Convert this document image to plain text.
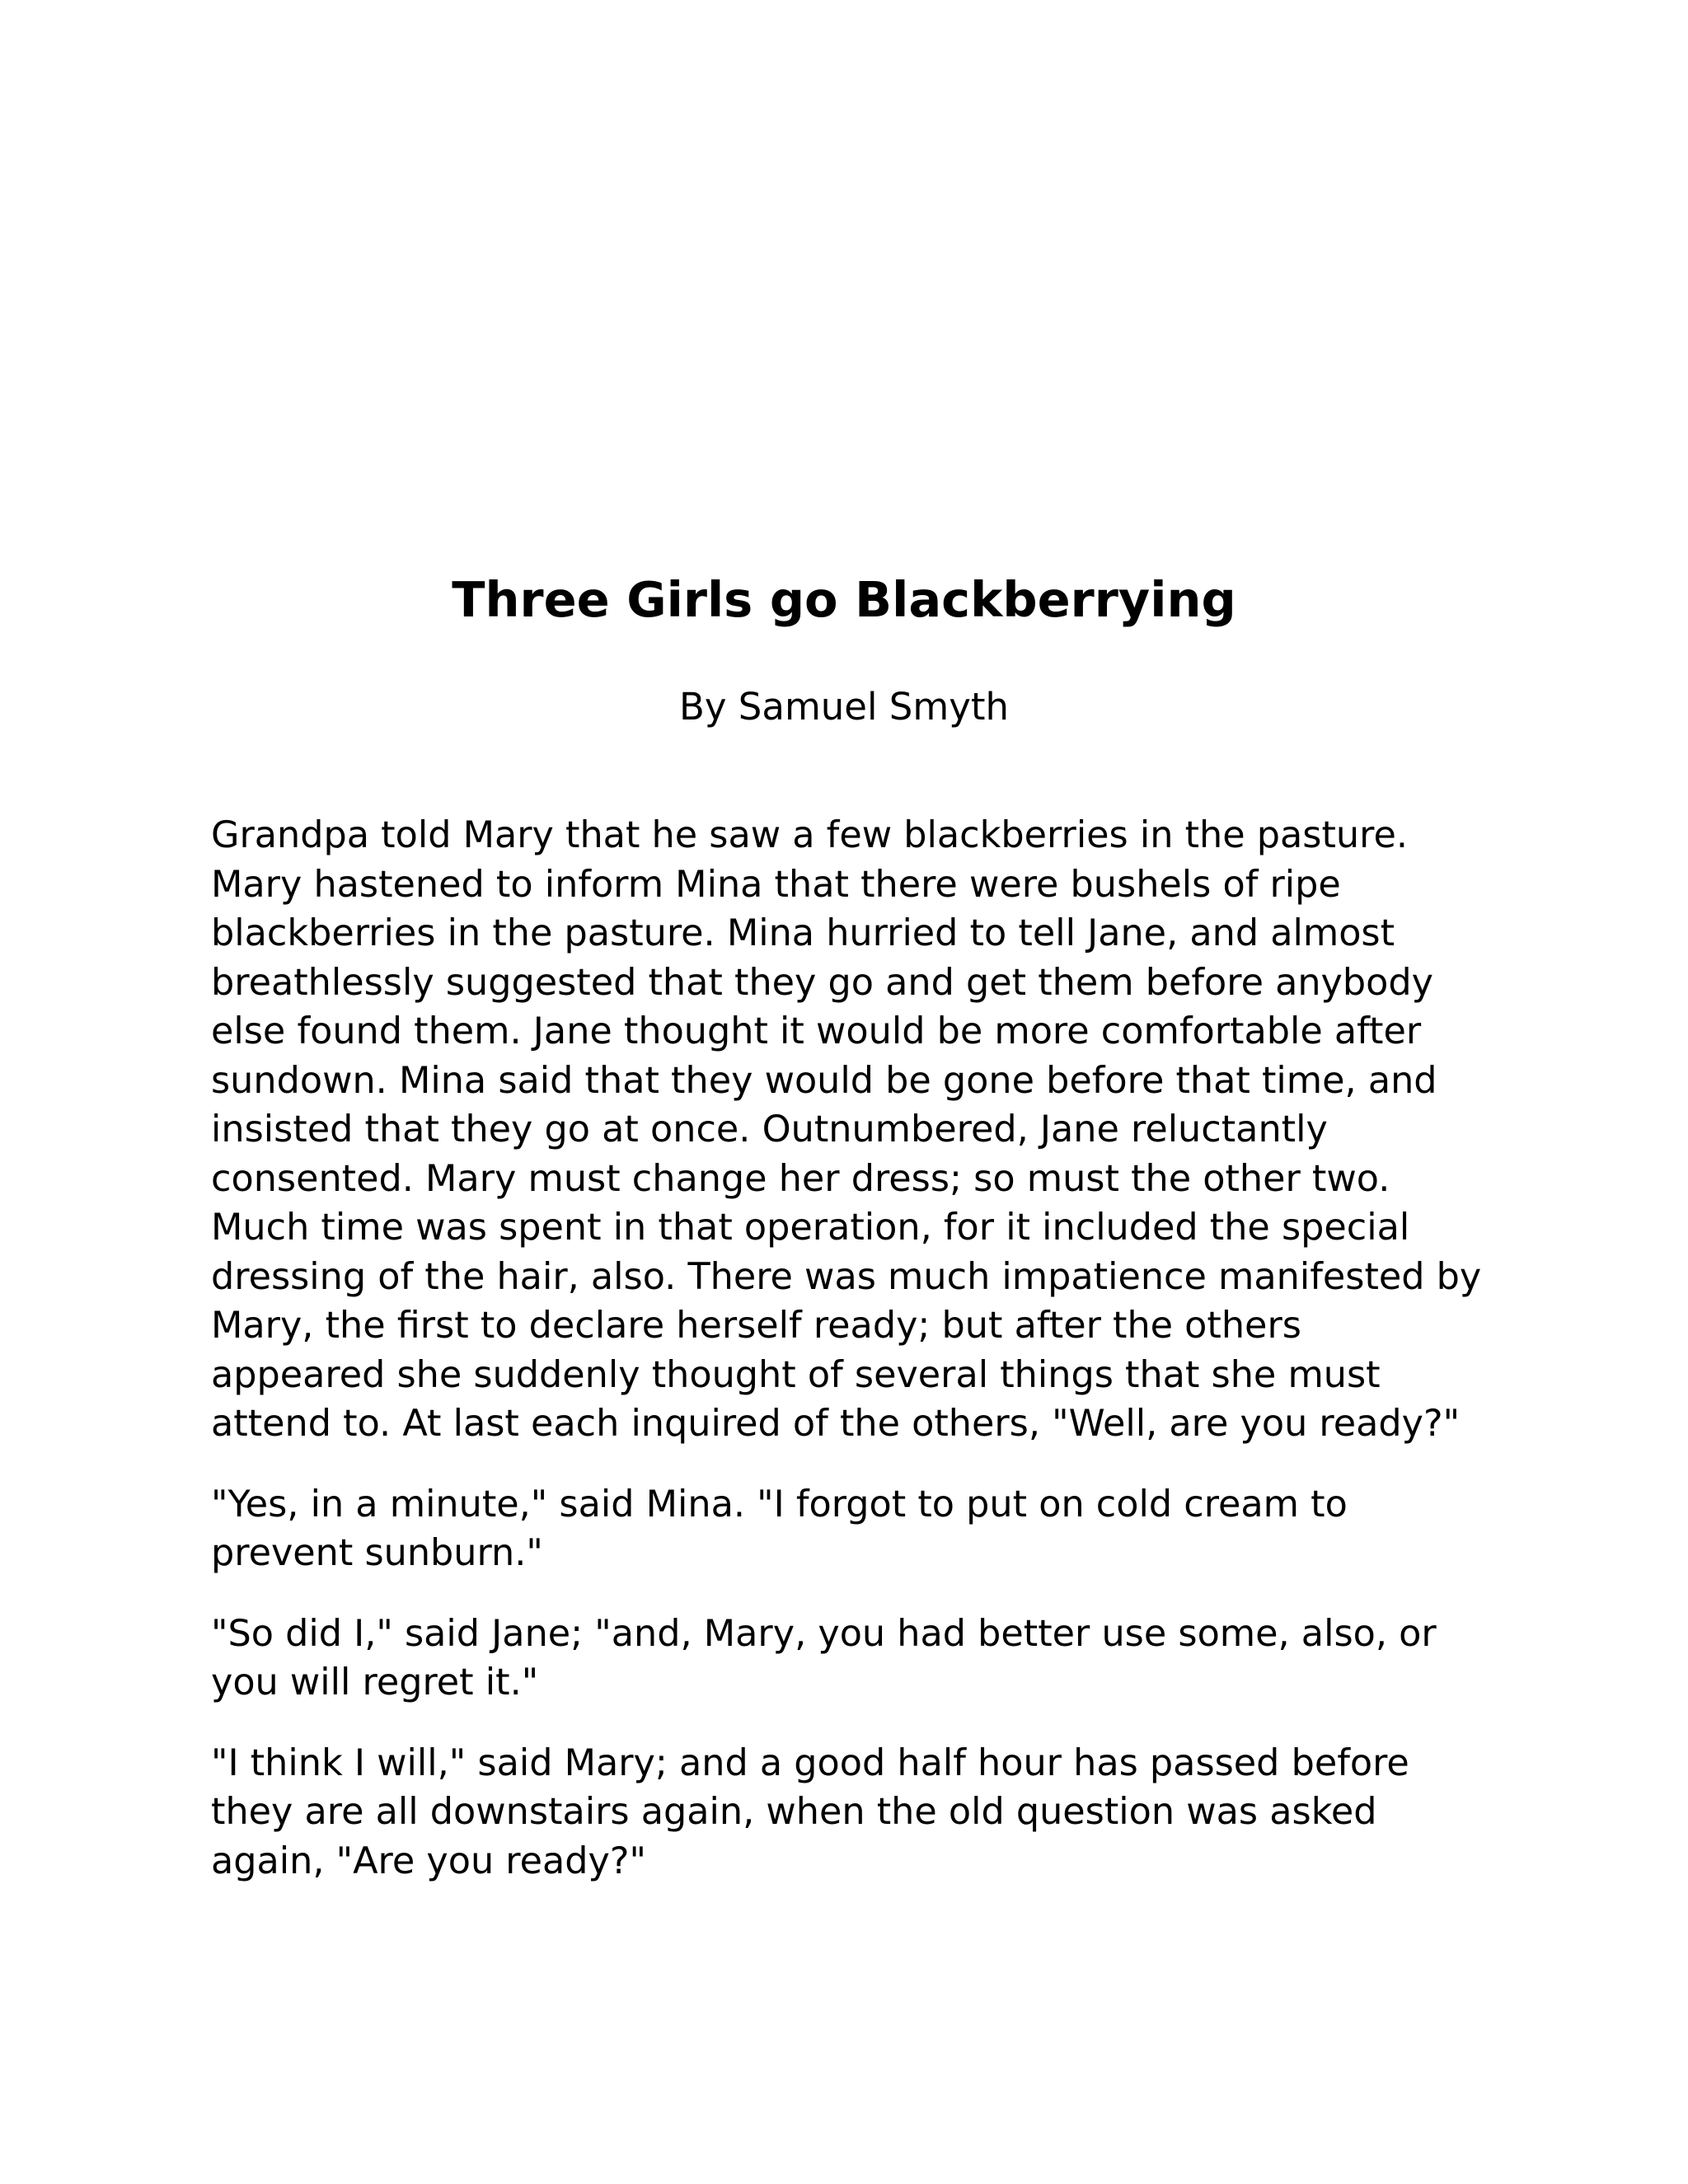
Three Girls go Blackberrying
By Samuel Smyth

Grandpa told Mary that he saw a few blackberries in the pasture.
Mary hastened to inform Mina that there were bushels of ripe
blackberries in the pasture. Mina hurried to tell Jane, and almost
breathlessly suggested that they go and get them before anybody
else found them. Jane thought it would be more comfortable after
sundown. Mina said that they would be gone before that time, and
insisted that they go at once. Outnumbered, Jane reluctantly
consented. Mary must change her dress; so must the other two.
Much time was spent in that operation, for it included the special
dressing of the hair, also. There was much impatience manifested by
Mary, the first to declare herself ready; but after the others
appeared she suddenly thought of several things that she must
attend to. At last each inquired of the others, "Well, are you ready?"

"Yes, in a minute," said Mina. "I forgot to put on cold cream to
prevent sunburn."

"So did I," said Jane; "and, Mary, you had better use some, also, or
you will regret it."

"I think I will," said Mary; and a good half hour has passed before
they are all downstairs again, when the old question was asked
again, "Are you ready?"
